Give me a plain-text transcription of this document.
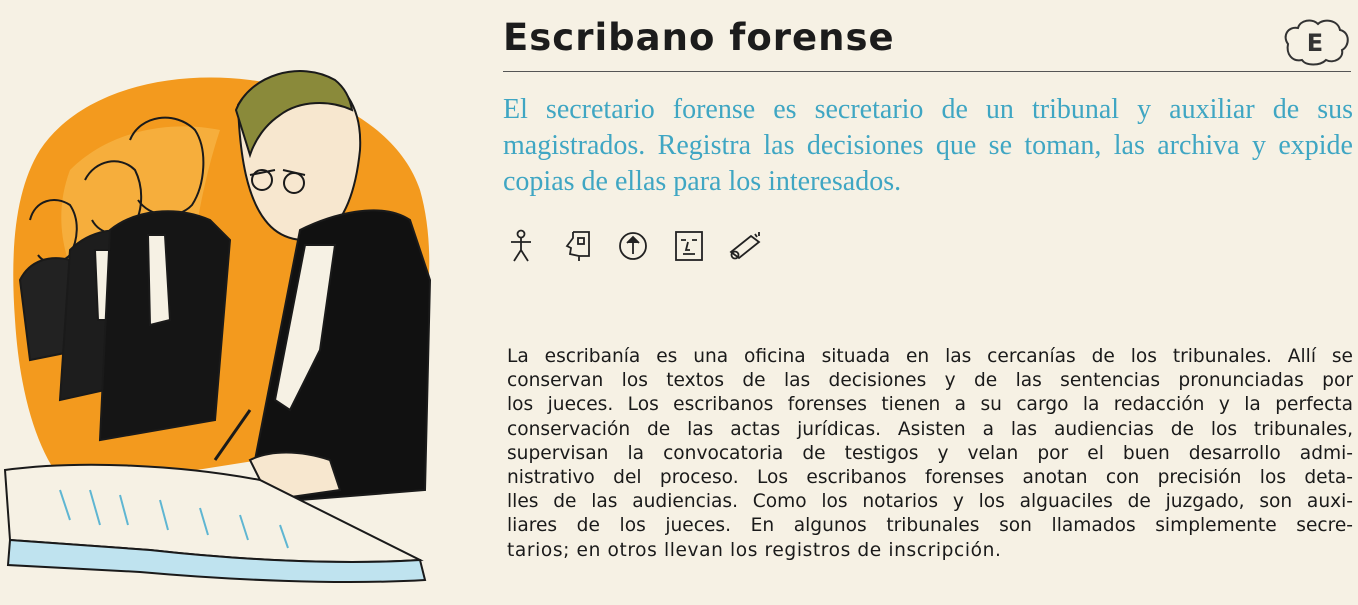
Escribano forense	E

El secretario forense es secretario de un tribunal y auxiliar de sus magistrados. Registra las decisiones que se toman, las archiva y expide copias de ellas para los interesados.

La escribanía es una oficina situada en las cercanías de los tribunales. Allí se
conservan los textos de las decisiones y de las sentencias pronunciadas por
los jueces. Los escribanos forenses tienen a su cargo la redacción y la perfecta
conservación de las actas jurídicas. Asisten a las audiencias de los tribunales,
supervisan la convocatoria de testigos y velan por el buen desarrollo admi-
nistrativo del proceso. Los escribanos forenses anotan con precisión los deta-
lles de las audiencias. Como los notarios y los alguaciles de juzgado, son auxi-
liares de los jueces. En algunos tribunales son llamados simplemente secre-
tarios; en otros llevan los registros de inscripción.
